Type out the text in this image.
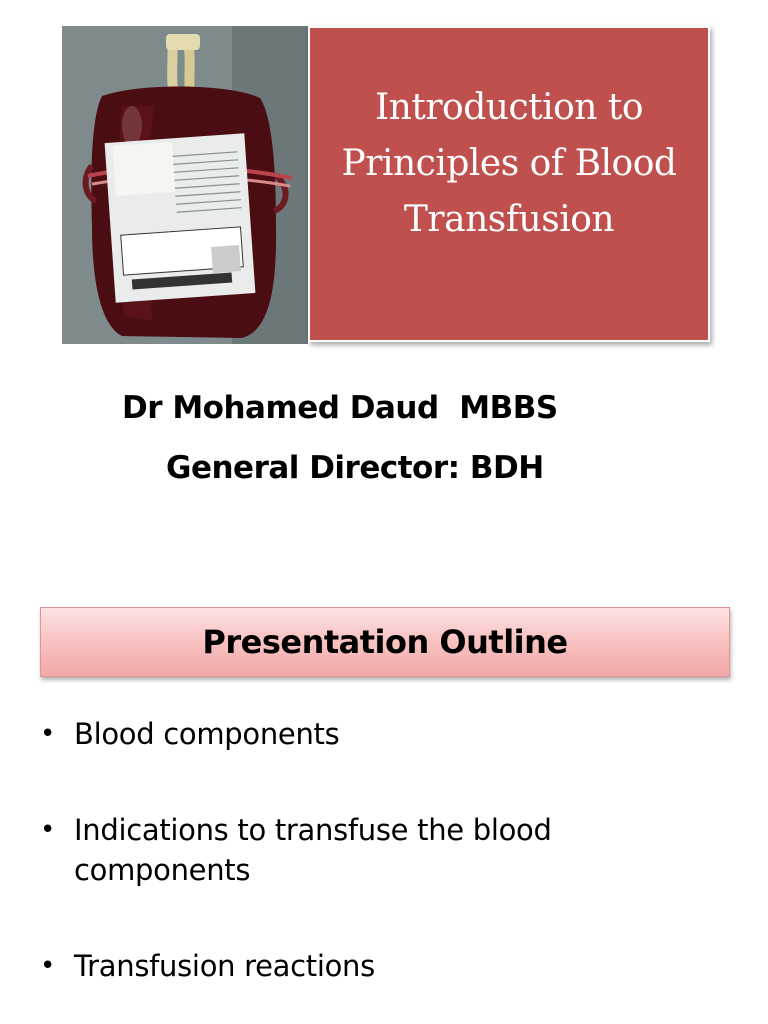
Introduction to
Principles of Blood
Transfusion

Dr Mohamed Daud  MBBS

General Director: BDH

Presentation Outline
• Blood components
• Indications to transfuse the blood components
• Transfusion reactions
